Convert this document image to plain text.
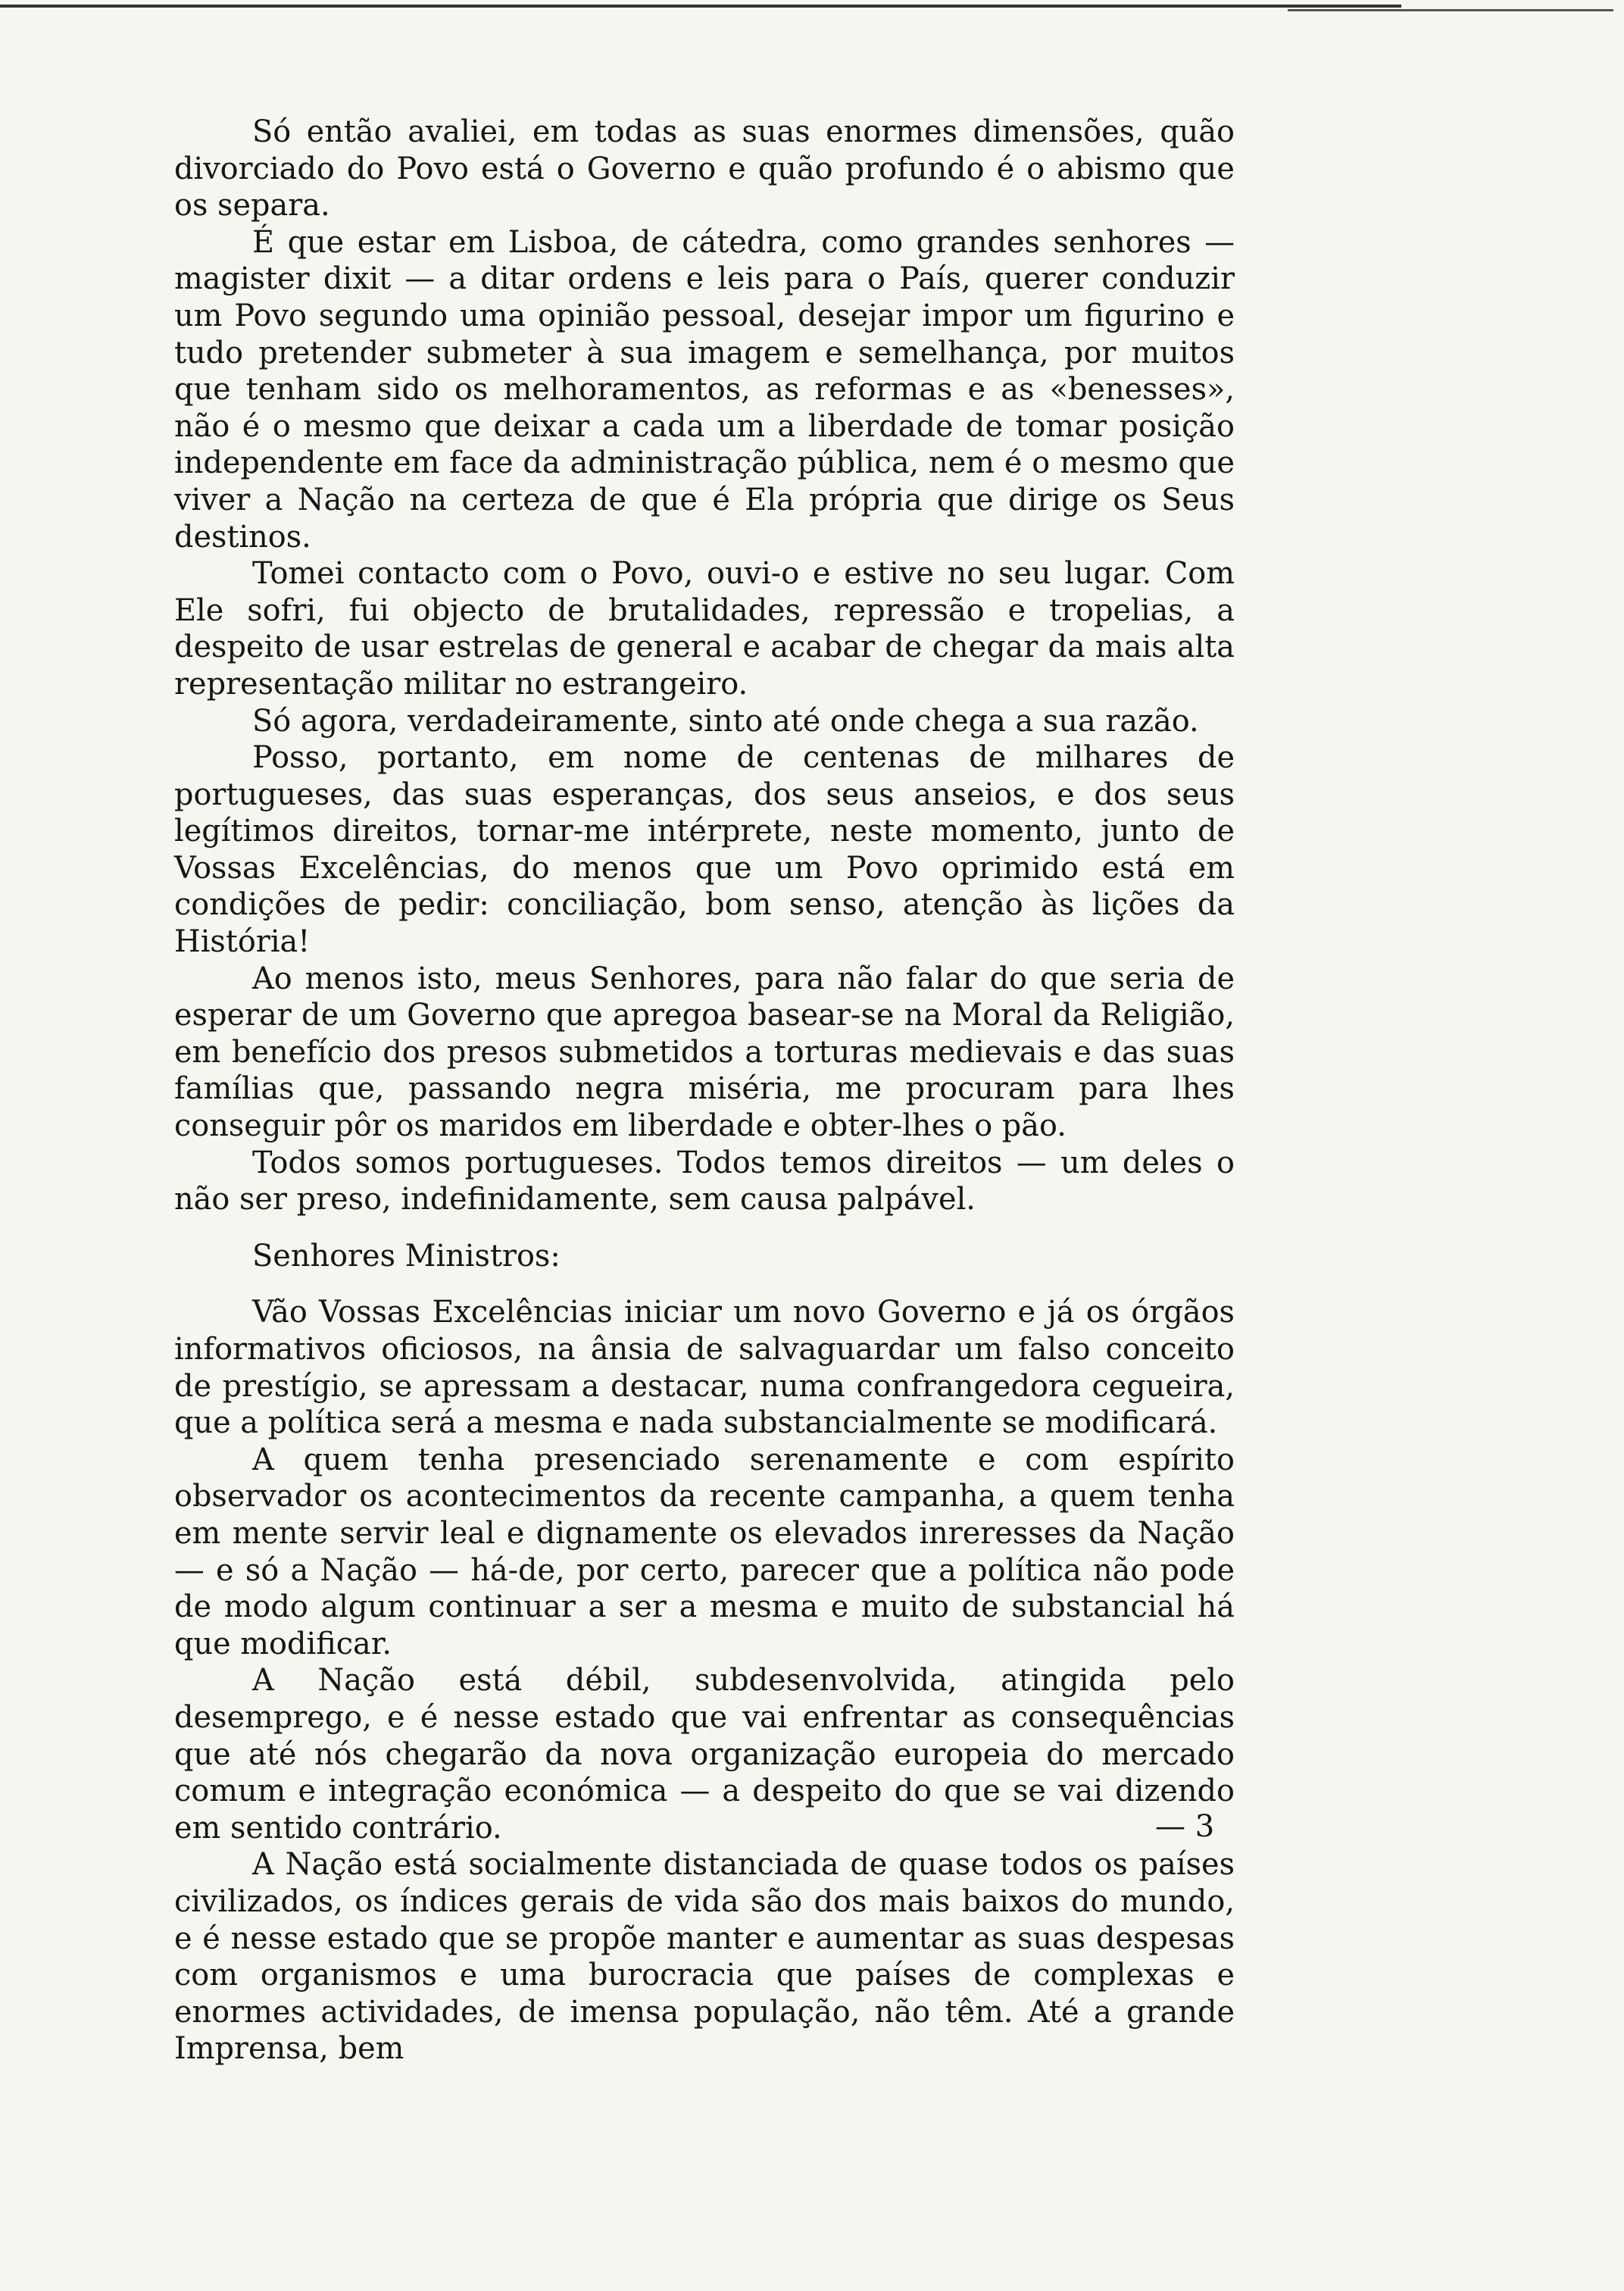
Só então avaliei, em todas as suas enormes dimensões, quão divorciado do Povo está o Governo e quão profundo é o abismo que os separa.

É que estar em Lisboa, de cátedra, como grandes senhores — magister dixit — a ditar ordens e leis para o País, querer conduzir um Povo segundo uma opinião pessoal, desejar impor um figurino e tudo pretender submeter à sua imagem e semelhança, por muitos que tenham sido os melhoramentos, as reformas e as «benesses», não é o mesmo que deixar a cada um a liberdade de tomar posição independente em face da administração pública, nem é o mesmo que viver a Nação na certeza de que é Ela própria que dirige os Seus destinos.

Tomei contacto com o Povo, ouvi-o e estive no seu lugar. Com Ele sofri, fui objecto de brutalidades, repressão e tropelias, a despeito de usar estrelas de general e acabar de chegar da mais alta representação militar no estrangeiro.

Só agora, verdadeiramente, sinto até onde chega a sua razão.

Posso, portanto, em nome de centenas de milhares de portugueses, das suas esperanças, dos seus anseios, e dos seus legítimos direitos, tornar-me intérprete, neste momento, junto de Vossas Excelências, do menos que um Povo oprimido está em condições de pedir: conciliação, bom senso, atenção às lições da História!

Ao menos isto, meus Senhores, para não falar do que seria de esperar de um Governo que apregoa basear-se na Moral da Religião, em benefício dos presos submetidos a torturas medievais e das suas famílias que, passando negra miséria, me procuram para lhes conseguir pôr os maridos em liberdade e obter-lhes o pão.

Todos somos portugueses. Todos temos direitos — um deles o não ser preso, indefinidamente, sem causa palpável.

Senhores Ministros:

Vão Vossas Excelências iniciar um novo Governo e já os órgãos informativos oficiosos, na ânsia de salvaguardar um falso conceito de prestígio, se apressam a destacar, numa confrangedora cegueira, que a política será a mesma e nada substancialmente se modificará.

A quem tenha presenciado serenamente e com espírito observador os acontecimentos da recente campanha, a quem tenha em mente servir leal e dignamente os elevados inreresses da Nação — e só a Nação — há-de, por certo, parecer que a política não pode de modo algum continuar a ser a mesma e muito de substancial há que modificar.

A Nação está débil, subdesenvolvida, atingida pelo desemprego, e é nesse estado que vai enfrentar as consequências que até nós chegarão da nova organização europeia do mercado comum e integração económica — a despeito do que se vai dizendo em sentido contrário.

A Nação está socialmente distanciada de quase todos os países civilizados, os índices gerais de vida são dos mais baixos do mundo, e é nesse estado que se propõe manter e aumentar as suas despesas com organismos e uma burocracia que países de complexas e enormes actividades, de imensa população, não têm. Até a grande Imprensa, bem

— 3
